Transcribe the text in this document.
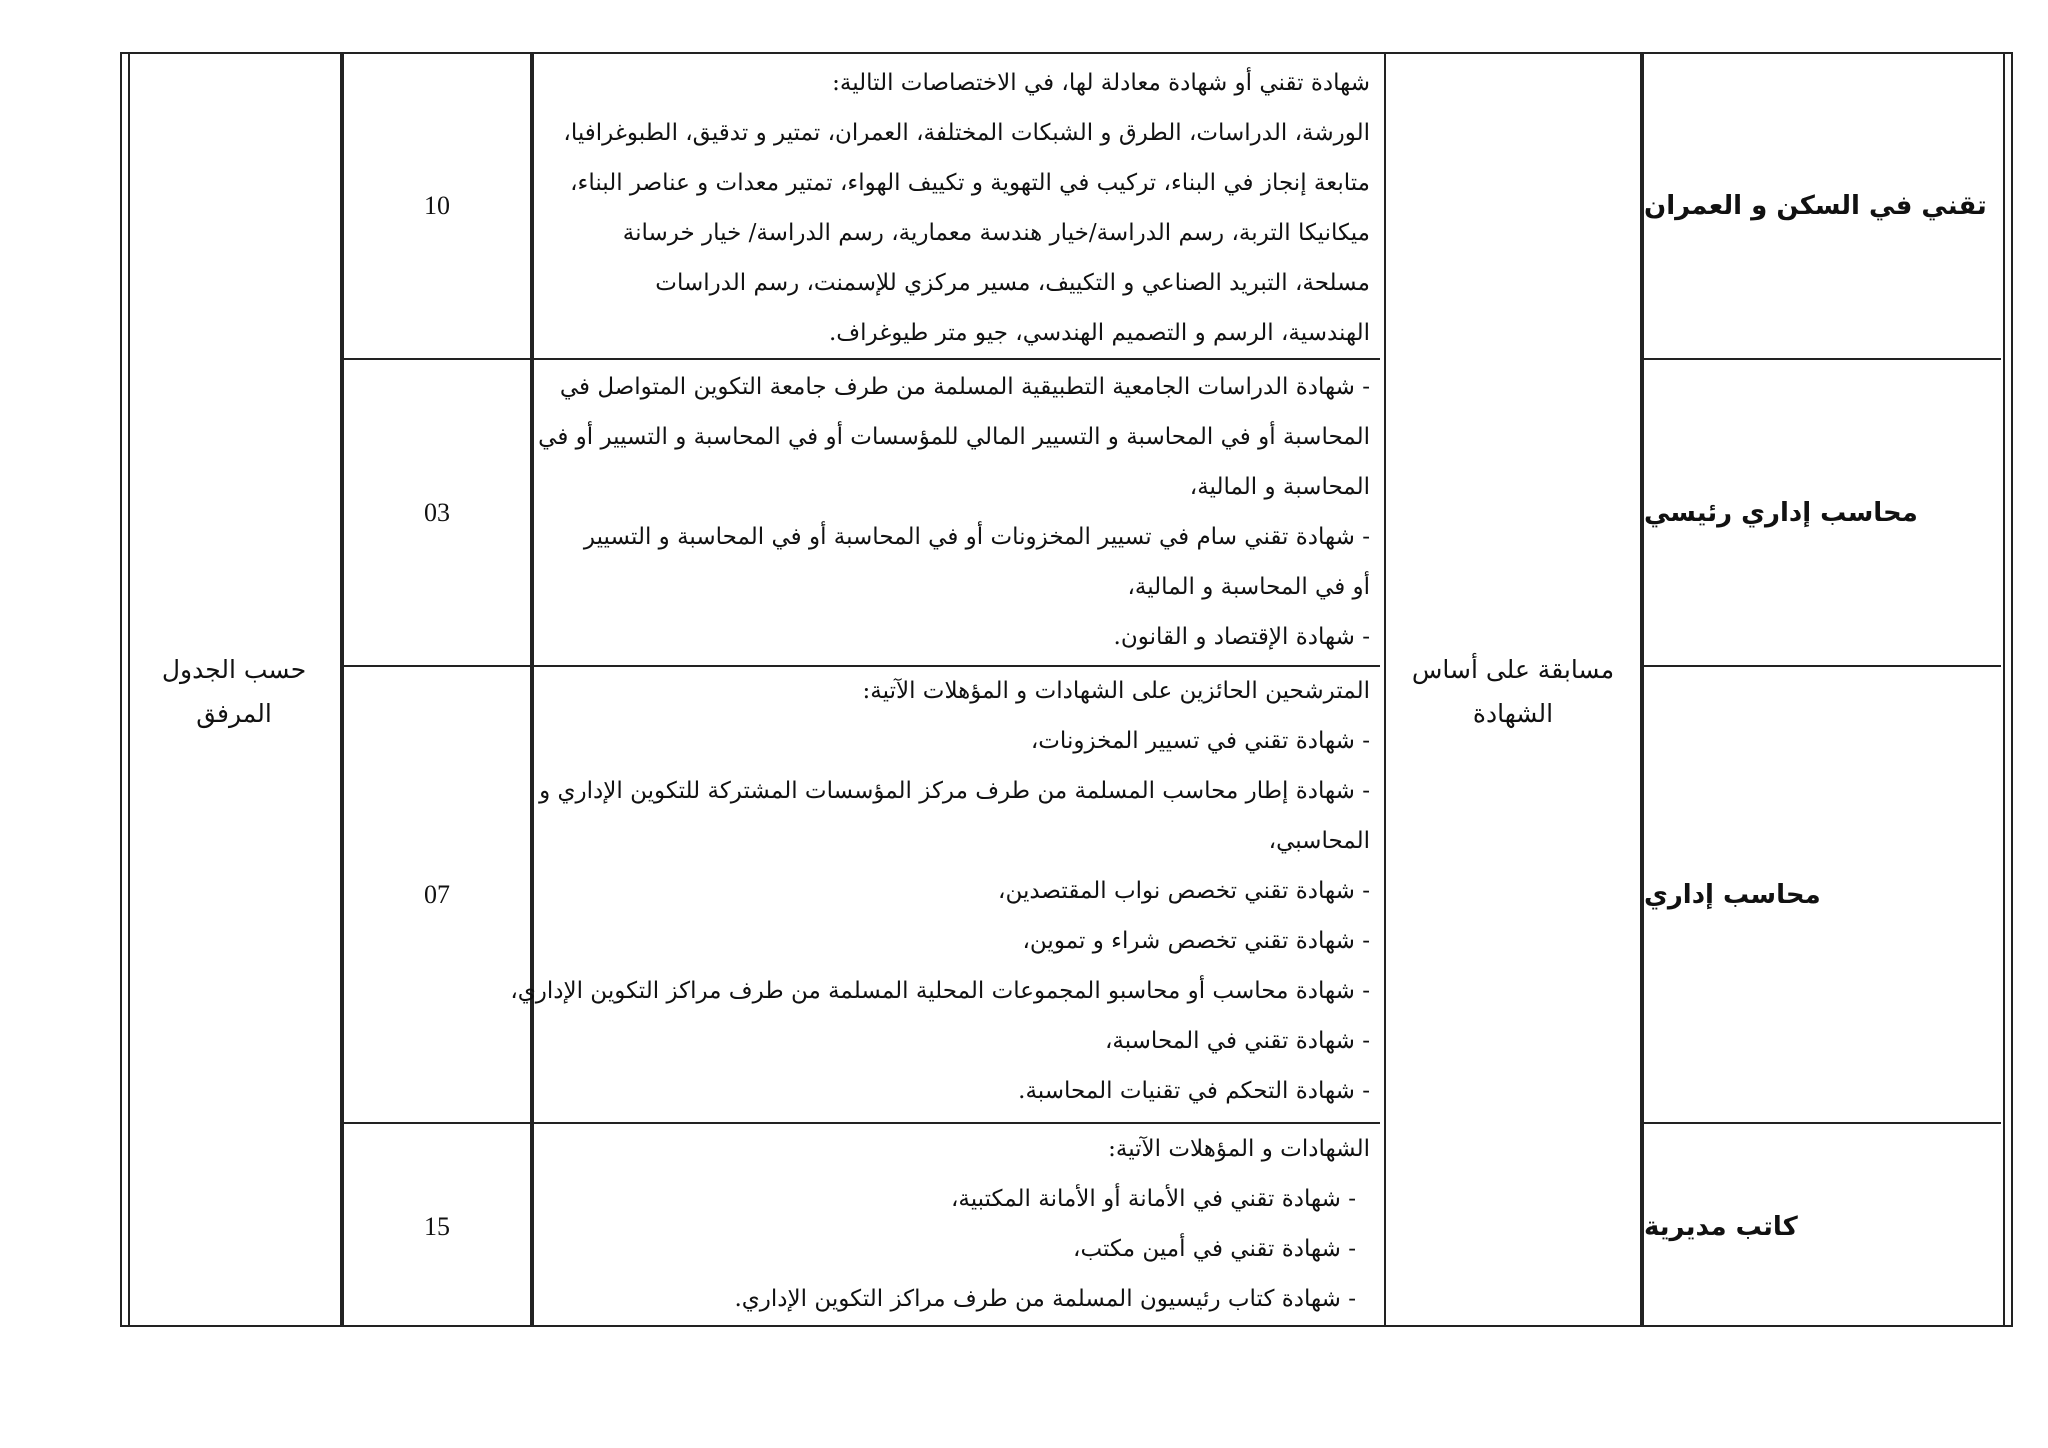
حسب الجدول
المرفق
مسابقة على أساس
الشهادة
تقني في السكن و العمران
10
شهادة تقني أو شهادة معادلة لها، في الاختصاصات التالية:
الورشة، الدراسات، الطرق و الشبكات المختلفة، العمران، تمتير و تدقيق، الطبوغرافيا،
متابعة إنجاز في البناء، تركيب في التهوية و تكييف الهواء، تمتير معدات و عناصر البناء،
ميكانيكا التربة، رسم الدراسة/خيار هندسة معمارية، رسم الدراسة/ خيار خرسانة
مسلحة، التبريد الصناعي و التكييف، مسير مركزي للإسمنت، رسم الدراسات
الهندسية، الرسم و التصميم الهندسي، جيو متر طيوغراف.
محاسب إداري رئيسي
03
- شهادة الدراسات الجامعية التطبيقية المسلمة من طرف جامعة التكوين المتواصل في
المحاسبة أو في المحاسبة و التسيير المالي للمؤسسات أو في المحاسبة و التسيير أو في
المحاسبة و المالية،
- شهادة تقني سام في تسيير المخزونات أو في المحاسبة أو في المحاسبة و التسيير
أو في المحاسبة و المالية،
- شهادة الإقتصاد و القانون.
محاسب إداري
07
المترشحين الحائزين على الشهادات و المؤهلات الآتية:
- شهادة تقني في تسيير المخزونات،
- شهادة إطار محاسب المسلمة من طرف مركز المؤسسات المشتركة للتكوين الإداري و
المحاسبي،
- شهادة تقني تخصص نواب المقتصدين،
- شهادة تقني تخصص شراء و تموين،
- شهادة محاسب أو محاسبو المجموعات المحلية المسلمة من طرف مراكز التكوين الإداري،
- شهادة تقني في المحاسبة،
- شهادة التحكم في تقنيات المحاسبة.
كاتب مديرية
15
الشهادات و المؤهلات الآتية:
- شهادة تقني في الأمانة أو الأمانة المكتبية،
- شهادة تقني في أمين مكتب،
- شهادة كتاب رئيسيون المسلمة من طرف مراكز التكوين الإداري.
